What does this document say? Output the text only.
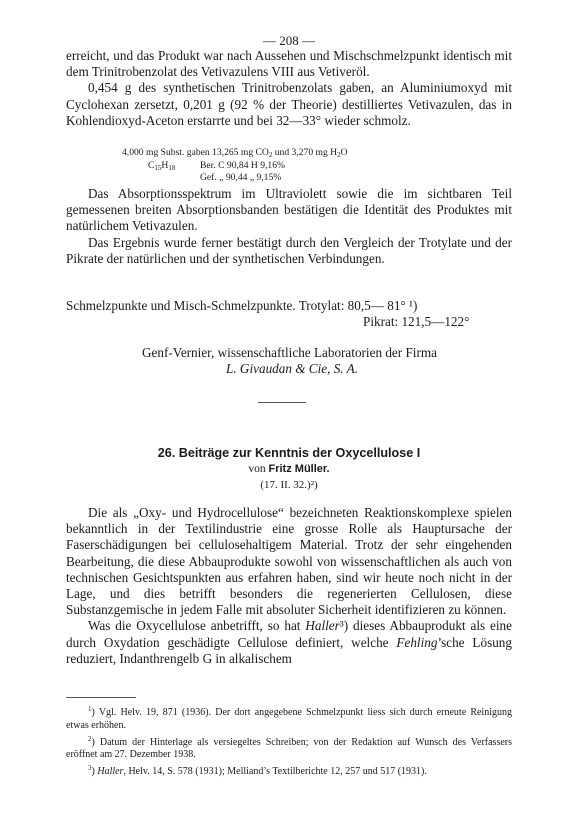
— 208 —

erreicht, und das Produkt war nach Aussehen und Mischschmelzpunkt identisch mit dem Trinitrobenzolat des Vetivazulens VIII aus Vetiveröl.

0,454 g des synthetischen Trinitrobenzolats gaben, an Aluminiumoxyd mit Cyclohexan zersetzt, 0,201 g (92 % der Theorie) destilliertes Vetivazulen, das in Kohlendioxyd-Aceton erstarrte und bei 32—33° wieder schmolz.

4,000 mg Subst. gaben 13,265 mg $CO_2$ und 3,270 mg $H_2O$
$C_{15}H_{18}$	Ber. C 90,84 H 9,16%
Gef. „ 90,44 „ 9,15%

Das Absorptionsspektrum im Ultraviolett sowie die im sichtbaren Teil gemessenen breiten Absorptionsbanden bestätigen die Identität des Produktes mit natürlichem Vetivazulen.

Das Ergebnis wurde ferner bestätigt durch den Vergleich der Trotylate und der Pikrate der natürlichen und der synthetischen Verbindungen.

Schmelzpunkte und Misch-Schmelzpunkte. Trotylat: 80,5— 81° ¹)
Pikrat: 121,5—122°
Genf-Vernier, wissenschaftliche Laboratorien der Firma
L. Givaudan & Cie, S. A.
26. Beiträge zur Kenntnis der Oxycellulose I
von Fritz Müller.
(17. II. 32.)²)

Die als „Oxy- und Hydrocellulose“ bezeichneten Reaktionskomplexe spielen bekanntlich in der Textilindustrie eine grosse Rolle als Hauptursache der Faserschädigungen bei cellulosehaltigem Material. Trotz der sehr eingehenden Bearbeitung, die diese Abbauprodukte sowohl von wissenschaftlichen als auch von technischen Gesichtspunkten aus erfahren haben, sind wir heute noch nicht in der Lage, und dies betrifft besonders die regenerierten Cellulosen, diese Substanzgemische in jedem Falle mit absoluter Sicherheit identifizieren zu können.

Was die Oxycellulose anbetrifft, so hat Haller³) dieses Abbauprodukt als eine durch Oxydation geschädigte Cellulose definiert, welche Fehling’sche Lösung reduziert, Indanthrengelb G in alkalischem

$^1$) Vgl. Helv. 19, 871 (1936). Der dort angegebene Schmelzpunkt liess sich durch erneute Reinigung etwas erhöhen.

$^2$) Datum der Hinterlage als versiegeltes Schreiben; von der Redaktion auf Wunsch des Verfassers eröffnet am 27. Dezember 1938.

$^3$) Haller, Helv. 14, S. 578 (1931); Melliand’s Textilberichte 12, 257 und 517 (1931).
